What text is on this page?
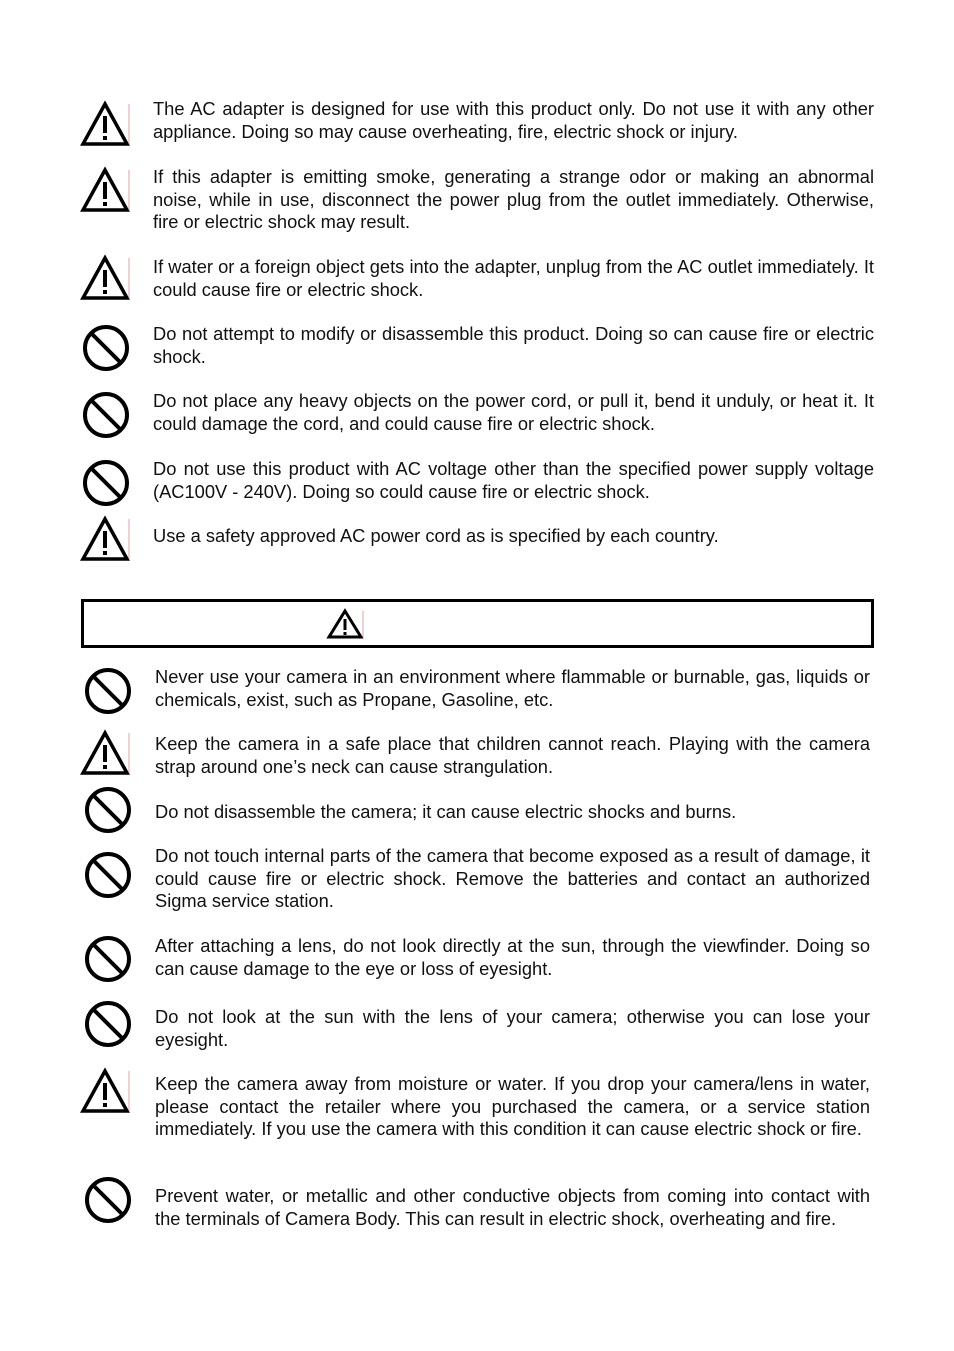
The AC adapter is designed for use with this product only. Do not use it with any other appliance. Doing so may cause overheating, fire, electric shock or injury.
If this adapter is emitting smoke, generating a strange odor or making an abnormal noise, while in use, disconnect the power plug from the outlet immediately. Otherwise, fire or electric shock may result.
If water or a foreign object gets into the adapter, unplug from the AC outlet immediately. It could cause fire or electric shock.
Do not attempt to modify or disassemble this product. Doing so can cause fire or electric shock.
Do not place any heavy objects on the power cord, or pull it, bend it unduly, or heat it. It could damage the cord, and could cause fire or electric shock.
Do not use this product with AC voltage other than the specified power supply voltage (AC100V - 240V). Doing so could cause fire or electric shock.
Use a safety approved AC power cord as is specified by each country.
Never use your camera in an environment where flammable or burnable, gas, liquids or chemicals, exist, such as Propane, Gasoline, etc.
Keep the camera in a safe place that children cannot reach. Playing with the camera strap around one’s neck can cause strangulation.
Do not disassemble the camera; it can cause electric shocks and burns.
Do not touch internal parts of the camera that become exposed as a result of damage, it could cause fire or electric shock. Remove the batteries and contact an authorized Sigma service station.
After attaching a lens, do not look directly at the sun, through the viewfinder. Doing so can cause damage to the eye or loss of eyesight.
Do not look at the sun with the lens of your camera; otherwise you can lose your eyesight.
Keep the camera away from moisture or water. If you drop your camera/lens in water, please contact the retailer where you purchased the camera, or a service station immediately. If you use the camera with this condition it can cause electric shock or fire.
Prevent water, or metallic and other conductive objects from coming into contact with the terminals of Camera Body. This can result in electric shock, overheating and fire.
